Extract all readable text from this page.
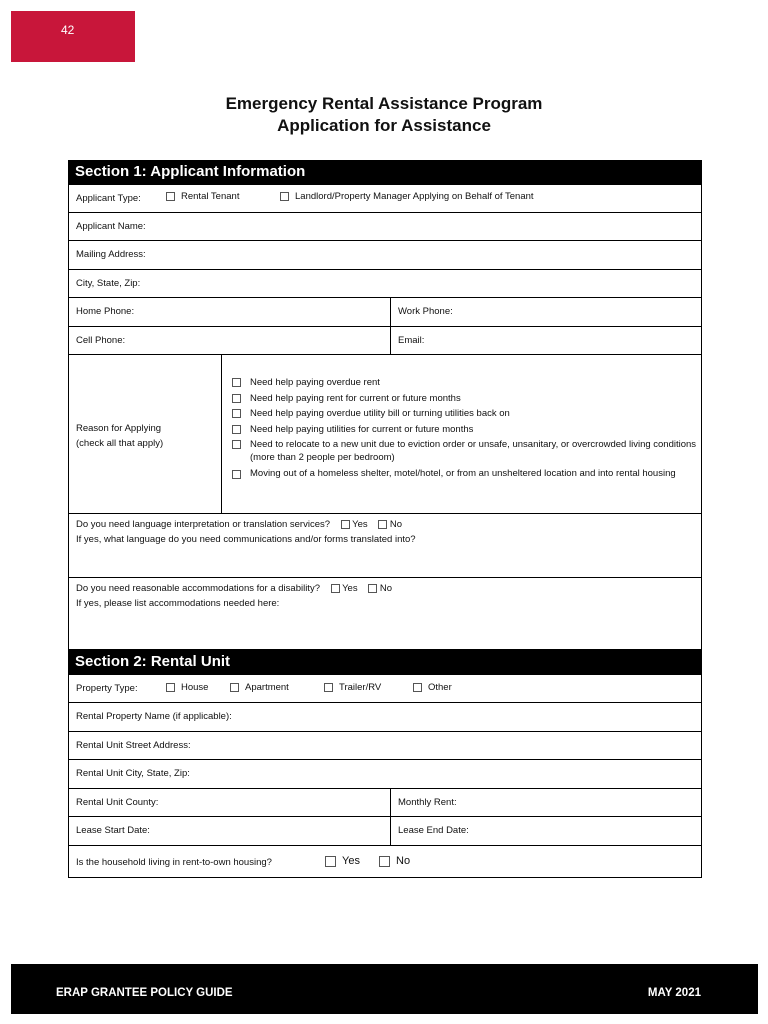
42
Emergency Rental Assistance Program
Application for Assistance
Section 1: Applicant Information
Applicant Type:	Rental Tenant	Landlord/Property Manager Applying on Behalf of Tenant
Applicant Name:
Mailing Address:
City, State, Zip:
Home Phone:	Work Phone:
Cell Phone:	Email:
Reason for Applying
(check all that apply)
Need help paying overdue rent
Need help paying rent for current or future months
Need help paying overdue utility bill or turning utilities back on
Need help paying utilities for current or future months
Need to relocate to a new unit due to eviction order or unsafe, unsanitary, or overcrowded living conditions (more than 2 people per bedroom)
Moving out of a homeless shelter, motel/hotel, or from an unsheltered location and into rental housing
Do you need language interpretation or translation services? Yes No
If yes, what language do you need communications and/or forms translated into?
Do you need reasonable accommodations for a disability? Yes No
If yes, please list accommodations needed here:
Section 2: Rental Unit
Property Type:	House	Apartment	Trailer/RV	Other
Rental Property Name (if applicable):
Rental Unit Street Address:
Rental Unit City, State, Zip:
Rental Unit County:	Monthly Rent:
Lease Start Date:	Lease End Date:
Is the household living in rent-to-own housing?	Yes	No
ERAP GRANTEE POLICY GUIDE	MAY 2021
